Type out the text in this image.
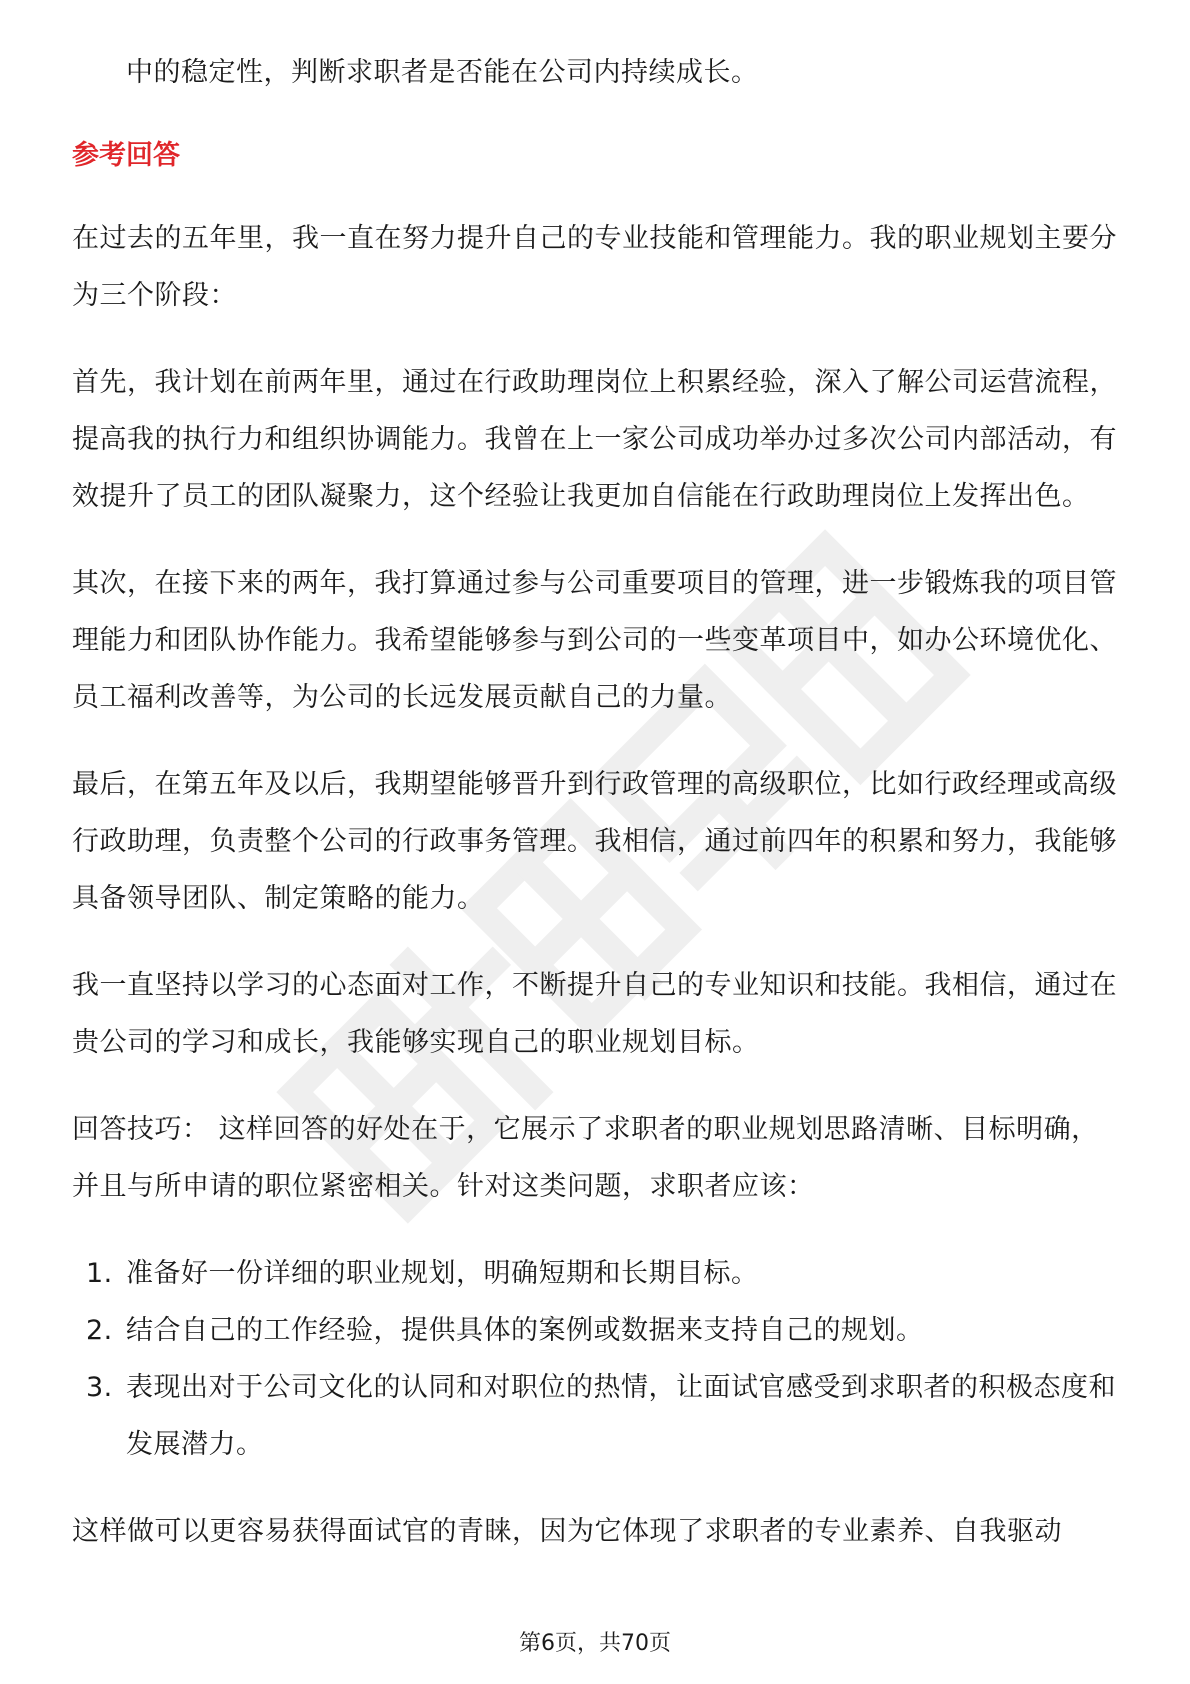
中的稳定性，判断求职者是否能在公司内持续成长。

参考回答

在过去的五年里，我一直在努力提升自己的专业技能和管理能力。我的职业规划主要分为三个阶段：

首先，我计划在前两年里，通过在行政助理岗位上积累经验，深入了解公司运营流程，提高我的执行力和组织协调能力。我曾在上一家公司成功举办过多次公司内部活动，有效提升了员工的团队凝聚力，这个经验让我更加自信能在行政助理岗位上发挥出色。

其次，在接下来的两年，我打算通过参与公司重要项目的管理，进一步锻炼我的项目管理能力和团队协作能力。我希望能够参与到公司的一些变革项目中，如办公环境优化、员工福利改善等，为公司的长远发展贡献自己的力量。

最后，在第五年及以后，我期望能够晋升到行政管理的高级职位，比如行政经理或高级行政助理，负责整个公司的行政事务管理。我相信，通过前四年的积累和努力，我能够具备领导团队、制定策略的能力。

我一直坚持以学习的心态面对工作，不断提升自己的专业知识和技能。我相信，通过在贵公司的学习和成长，我能够实现自己的职业规划目标。

回答技巧： 这样回答的好处在于，它展示了求职者的职业规划思路清晰、目标明确，并且与所申请的职位紧密相关。针对这类问题，求职者应该：

1. 准备好一份详细的职业规划，明确短期和长期目标。
2. 结合自己的工作经验，提供具体的案例或数据来支持自己的规划。
3. 表现出对于公司文化的认同和对职位的热情，让面试官感受到求职者的积极态度和发展潜力。

这样做可以更容易获得面试官的青睐，因为它体现了求职者的专业素养、自我驱动

第6页，共70页
